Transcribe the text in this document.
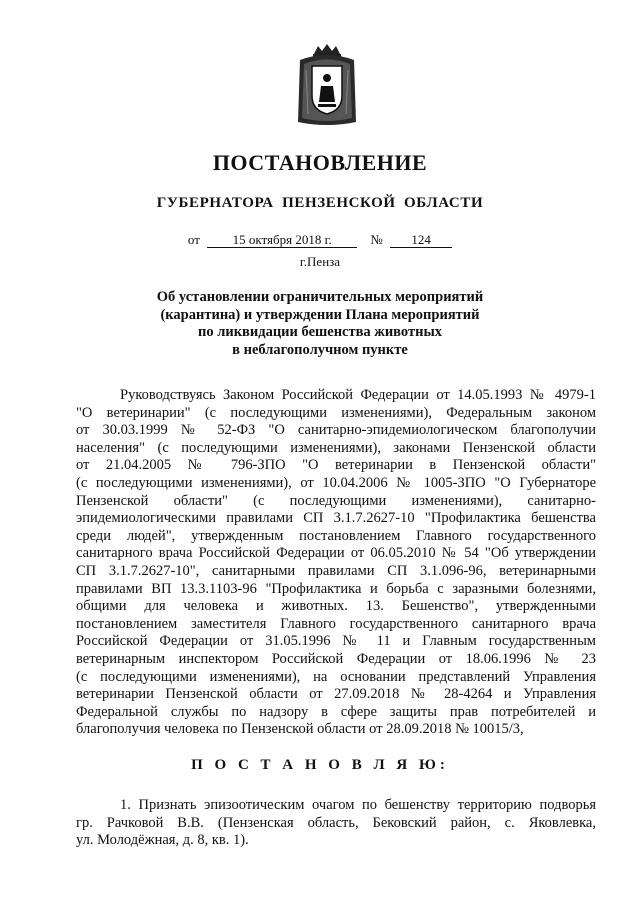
ПОСТАНОВЛЕНИЕ
ГУБЕРНАТОРА ПЕНЗЕНСКОЙ ОБЛАСТИ
от	15 октября 2018 г.	№ 124
г.Пенза
Об установлении ограничительных мероприятий
(карантина) и утверждении Плана мероприятий
по ликвидации бешенства животных
в неблагополучном пункте
Руководствуясь Законом Российской Федерации от 14.05.1993 № 4979-1
"О ветеринарии" (с последующими изменениями), Федеральным законом
от 30.03.1999 № 52-ФЗ "О санитарно-эпидемиологическом благополучии
населения" (с последующими изменениями), законами Пензенской области
от 21.04.2005 № 796-ЗПО "О ветеринарии в Пензенской области"
(с последующими изменениями), от 10.04.2006 № 1005-ЗПО "О Губернаторе
Пензенской области" (с последующими изменениями), санитарно-
эпидемиологическими правилами СП 3.1.7.2627-10 "Профилактика бешенства
среди людей", утвержденным постановлением Главного государственного
санитарного врача Российской Федерации от 06.05.2010 № 54 "Об утверждении
СП 3.1.7.2627-10", санитарными правилами СП 3.1.096-96, ветеринарными
правилами ВП 13.3.1103-96 "Профилактика и борьба с заразными болезнями,
общими для человека и животных. 13. Бешенство", утвержденными
постановлением заместителя Главного государственного санитарного врача
Российской Федерации от 31.05.1996 № 11 и Главным государственным
ветеринарным инспектором Российской Федерации от 18.06.1996 № 23
(с последующими изменениями), на основании представлений Управления
ветеринарии Пензенской области от 27.09.2018 № 28-4264 и Управления
Федеральной службы по надзору в сфере защиты прав потребителей и
благополучия человека по Пензенской области от 28.09.2018 № 10015/3,
П О С Т А Н О В Л Я Ю:
1. Признать эпизоотическим очагом по бешенству территорию подворья
гр. Рачковой В.В. (Пензенская область, Бековский район, с. Яковлевка,
ул. Молодёжная, д. 8, кв. 1).
